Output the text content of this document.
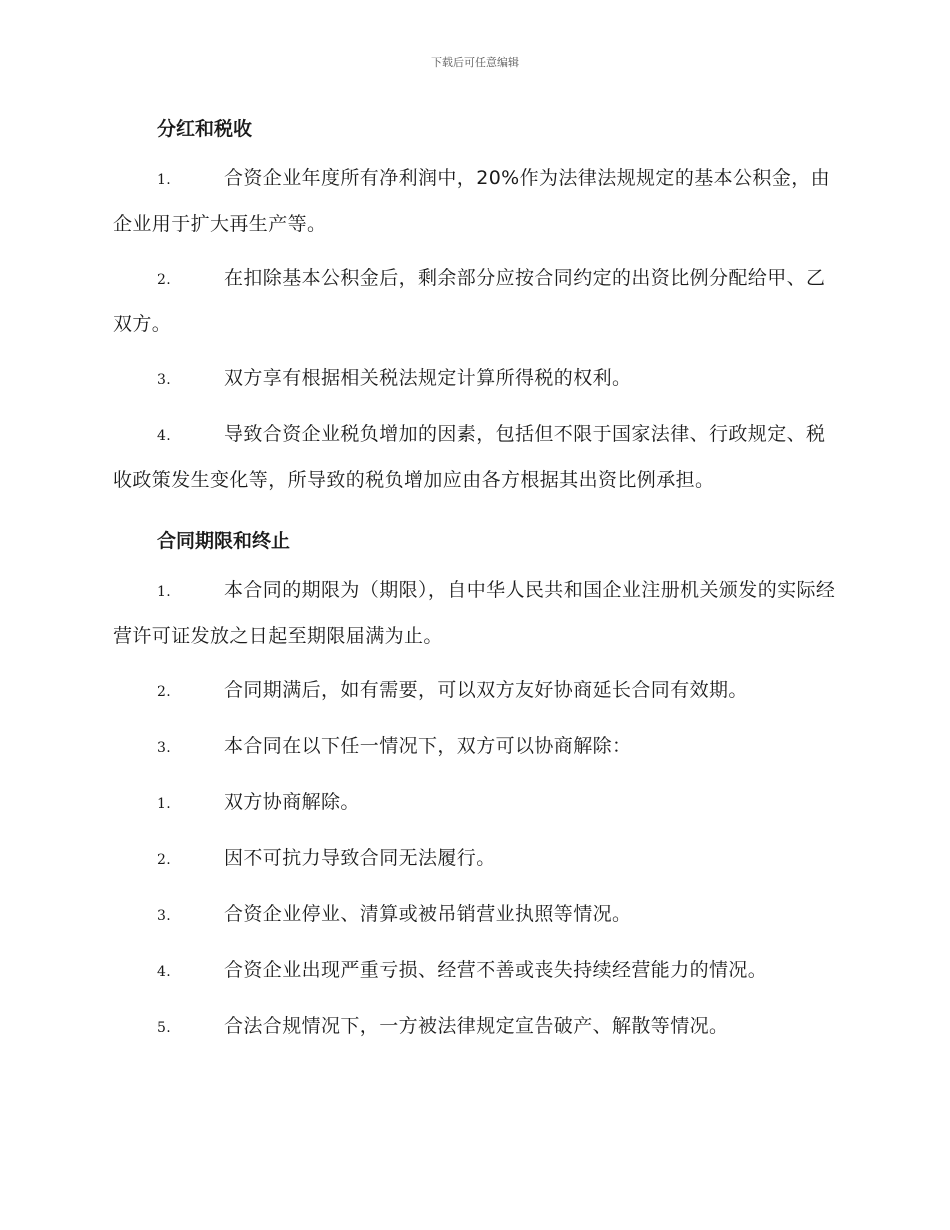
下载后可任意编辑
分红和税收
1.	合资企业年度所有净利润中，20%作为法律法规规定的基本公积金，由企业用于扩大再生产等。
2.	在扣除基本公积金后，剩余部分应按合同约定的出资比例分配给甲、乙双方。
3.	双方享有根据相关税法规定计算所得税的权利。
4.	导致合资企业税负增加的因素，包括但不限于国家法律、行政规定、税收政策发生变化等，所导致的税负增加应由各方根据其出资比例承担。
合同期限和终止
1.	本合同的期限为（期限），自中华人民共和国企业注册机关颁发的实际经营许可证发放之日起至期限届满为止。
2.	合同期满后，如有需要，可以双方友好协商延长合同有效期。
3.	本合同在以下任一情况下，双方可以协商解除：
1.	双方协商解除。
2.	因不可抗力导致合同无法履行。
3.	合资企业停业、清算或被吊销营业执照等情况。
4.	合资企业出现严重亏损、经营不善或丧失持续经营能力的情况。
5.	合法合规情况下，一方被法律规定宣告破产、解散等情况。
